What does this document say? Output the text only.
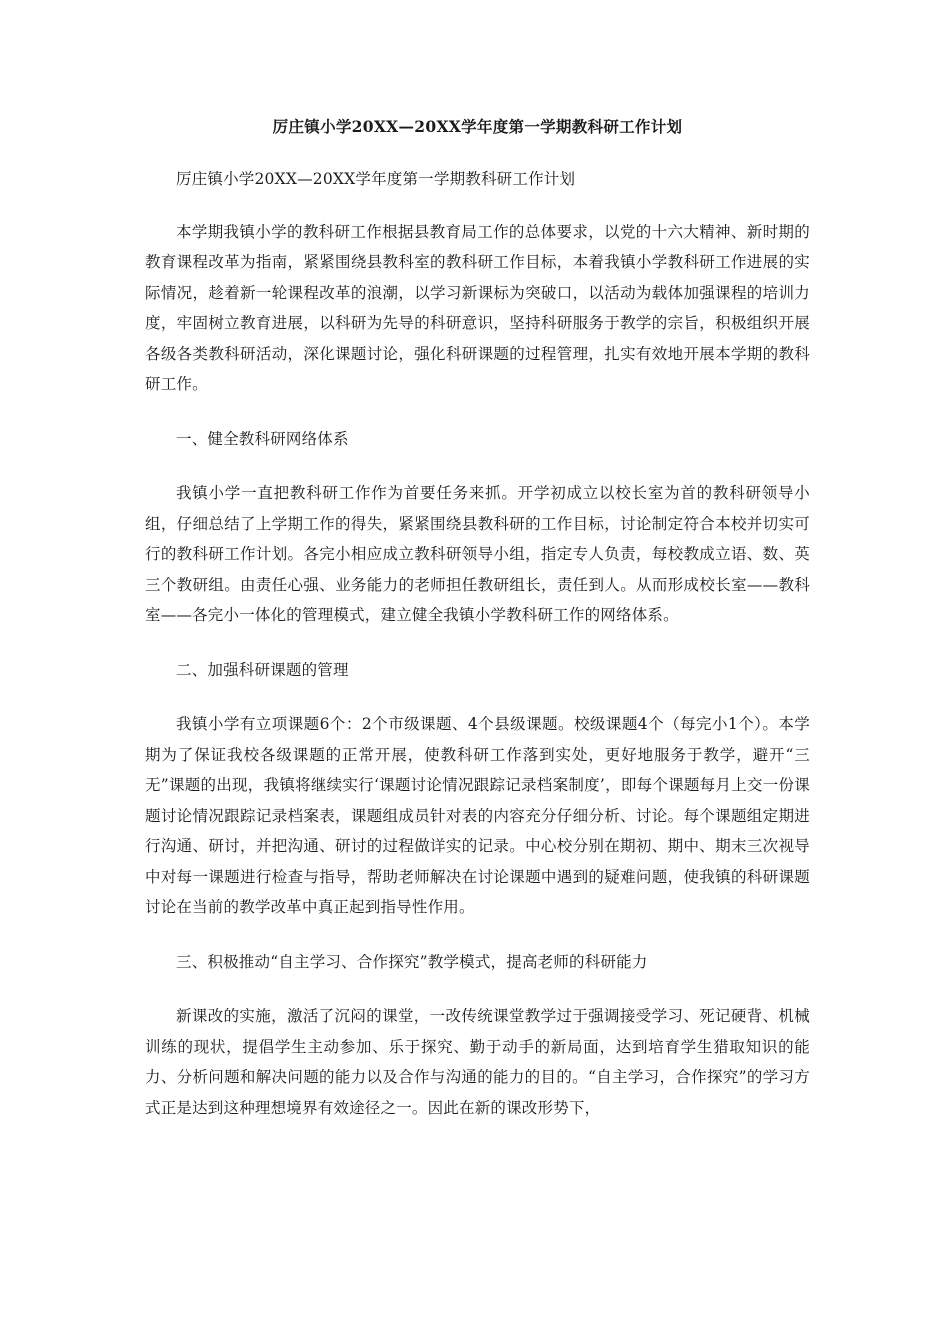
厉庄镇小学20XX—20XX学年度第一学期教科研工作计划

厉庄镇小学20XX—20XX学年度第一学期教科研工作计划

本学期我镇小学的教科研工作根据县教育局工作的总体要求，以党的十六大精神、新时期的教育课程改革为指南，紧紧围绕县教科室的教科研工作目标，本着我镇小学教科研工作进展的实际情况，趁着新一轮课程改革的浪潮，以学习新课标为突破口，以活动为载体加强课程的培训力度，牢固树立教育进展，以科研为先导的科研意识，坚持科研服务于教学的宗旨，积极组织开展各级各类教科研活动，深化课题讨论，强化科研课题的过程管理，扎实有效地开展本学期的教科研工作。

一、健全教科研网络体系

我镇小学一直把教科研工作作为首要任务来抓。开学初成立以校长室为首的教科研领导小组，仔细总结了上学期工作的得失，紧紧围绕县教科研的工作目标，讨论制定符合本校并切实可行的教科研工作计划。各完小相应成立教科研领导小组，指定专人负责，每校教成立语、数、英三个教研组。由责任心强、业务能力的老师担任教研组长，责任到人。从而形成校长室——教科室——各完小一体化的管理模式，建立健全我镇小学教科研工作的网络体系。

二、加强科研课题的管理

我镇小学有立项课题6个：2个市级课题、4个县级课题。校级课题4个（每完小1个）。本学期为了保证我校各级课题的正常开展，使教科研工作落到实处，更好地服务于教学，避开“三无”课题的出现，我镇将继续实行‘课题讨论情况跟踪记录档案制度’，即每个课题每月上交一份课题讨论情况跟踪记录档案表，课题组成员针对表的内容充分仔细分析、讨论。每个课题组定期进行沟通、研讨，并把沟通、研讨的过程做详实的记录。中心校分别在期初、期中、期末三次视导中对每一课题进行检查与指导，帮助老师解决在讨论课题中遇到的疑难问题，使我镇的科研课题讨论在当前的教学改革中真正起到指导性作用。

三、积极推动“自主学习、合作探究”教学模式，提高老师的科研能力

新课改的实施，激活了沉闷的课堂，一改传统课堂教学过于强调接受学习、死记硬背、机械训练的现状，提倡学生主动参加、乐于探究、勤于动手的新局面，达到培育学生猎取知识的能力、分析问题和解决问题的能力以及合作与沟通的能力的目的。“自主学习，合作探究”的学习方式正是达到这种理想境界有效途径之一。因此在新的课改形势下，
